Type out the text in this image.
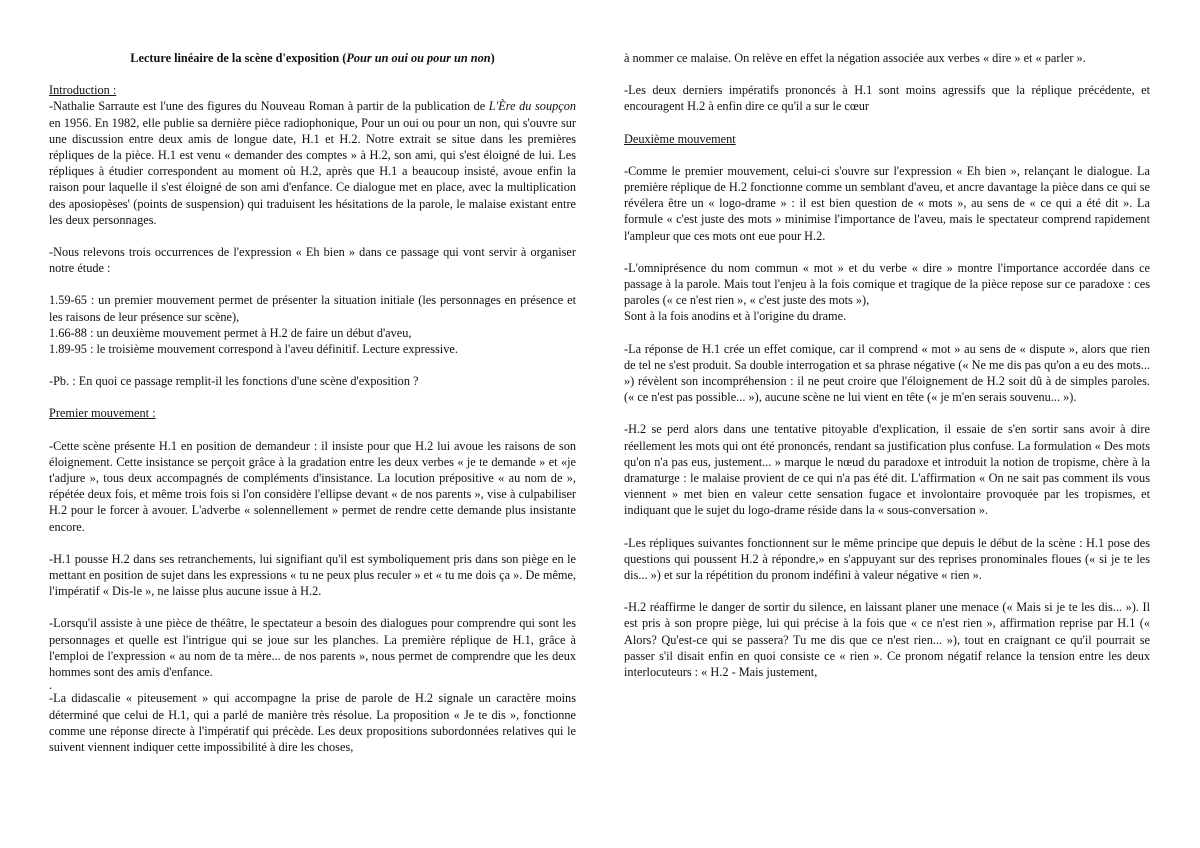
Lecture linéaire de la scène d'exposition (Pour un oui ou pour un non)

Introduction :

-Nathalie Sarraute est l'une des figures du Nouveau Roman à partir de la publication de L'Ère du soupçon en 1956. En 1982, elle publie sa dernière pièce radiophonique, Pour un oui ou pour un non, qui s'ouvre sur une discussion entre deux amis de longue date, H.1 et H.2. Notre extrait se situe dans les premières répliques de la pièce. H.1 est venu « demander des comptes » à H.2, son ami, qui s'est éloigné de lui. Les répliques à étudier correspondent au moment où H.2, après que H.1 a beaucoup insisté, avoue enfin la raison pour laquelle il s'est éloigné de son ami d'enfance. Ce dialogue met en place, avec la multiplication des aposiopèses' (points de suspension) qui traduisent les hésitations de la parole, le malaise existant entre les deux personnages.

-Nous relevons trois occurrences de l'expression « Eh bien » dans ce passage qui vont servir à organiser notre étude :

1.59-65 : un premier mouvement permet de présenter la situation initiale (les personnages en présence et les raisons de leur présence sur scène),

1.66-88 : un deuxième mouvement permet à H.2 de faire un début d'aveu,

1.89-95 : le troisième mouvement correspond à l'aveu définitif. Lecture expressive.

-Pb. : En quoi ce passage remplit-il les fonctions d'une scène d'exposition ?

Premier mouvement :

-Cette scène présente H.1 en position de demandeur : il insiste pour que H.2 lui avoue les raisons de son éloignement. Cette insistance se perçoit grâce à la gradation entre les deux verbes « je te demande » et «je t'adjure », tous deux accompagnés de compléments d'insistance. La locution prépositive « au nom de », répétée deux fois, et même trois fois si l'on considère l'ellipse devant « de nos parents », vise à culpabiliser H.2 pour le forcer à avouer. L'adverbe « solennellement » permet de rendre cette demande plus insistante encore.

-H.1 pousse H.2 dans ses retranchements, lui signifiant qu'il est symboliquement pris dans son piège en le mettant en position de sujet dans les expressions « tu ne peux plus reculer » et « tu me dois ça ». De même, l'impératif « Dis-le », ne laisse plus aucune issue à H.2.

-Lorsqu'il assiste à une pièce de théâtre, le spectateur a besoin des dialogues pour comprendre qui sont les personnages et quelle est l'intrigue qui se joue sur les planches. La première réplique de H.1, grâce à l'emploi de l'expression « au nom de ta mère... de nos parents », nous permet de comprendre que les deux hommes sont des amis d'enfance.

.

-La didascalie « piteusement » qui accompagne la prise de parole de H.2 signale un caractère moins déterminé que celui de H.1, qui a parlé de manière très résolue. La proposition « Je te dis », fonctionne comme une réponse directe à l'impératif qui précède. Les deux propositions subordonnées relatives qui le suivent viennent indiquer cette impossibilité à dire les choses,

à nommer ce malaise. On relève en effet la négation associée aux verbes « dire » et « parler ».

-Les deux derniers impératifs prononcés à H.1 sont moins agressifs que la réplique précédente, et encouragent H.2 à enfin dire ce qu'il a sur le cœur

Deuxième mouvement

-Comme le premier mouvement, celui-ci s'ouvre sur l'expression « Eh bien », relançant le dialogue. La première réplique de H.2 fonctionne comme un semblant d'aveu, et ancre davantage la pièce dans ce qui se révélera être un « logo-drame » : il est bien question de « mots », au sens de « ce qui a été dit ». La formule « c'est juste des mots » minimise l'importance de l'aveu, mais le spectateur comprend rapidement l'ampleur que ces mots ont eue pour H.2.

-L'omniprésence du nom commun « mot » et du verbe « dire » montre l'importance accordée dans ce passage à la parole. Mais tout l'enjeu à la fois comique et tragique de la pièce repose sur ce paradoxe : ces paroles (« ce n'est rien », « c'est juste des mots »),

Sont à la fois anodins et à l'origine du drame.

-La réponse de H.1 crée un effet comique, car il comprend « mot » au sens de « dispute », alors que rien de tel ne s'est produit. Sa double interrogation et sa phrase négative (« Ne me dis pas qu'on a eu des mots... ») révèlent son incompréhension : il ne peut croire que l'éloignement de H.2 soit dû à de simples paroles. (« ce n'est pas possible... »), aucune scène ne lui vient en tête (« je m'en serais souvenu... »).

-H.2 se perd alors dans une tentative pitoyable d'explication, il essaie de s'en sortir sans avoir à dire réellement les mots qui ont été prononcés, rendant sa justification plus confuse. La formulation « Des mots qu'on n'a pas eus, justement... » marque le nœud du paradoxe et introduit la notion de tropisme, chère à la dramaturge : le malaise provient de ce qui n'a pas été dit. L'affirmation « On ne sait pas comment ils vous viennent » met bien en valeur cette sensation fugace et involontaire provoquée par les tropismes, et indiquant que le sujet du logo-drame réside dans la « sous-conversation ».

-Les répliques suivantes fonctionnent sur le même principe que depuis le début de la scène : H.1 pose des questions qui poussent H.2 à répondre,» en s'appuyant sur des reprises pronominales floues (« si je te les dis... ») et sur la répétition du pronom indéfini à valeur négative « rien ».

-H.2 réaffirme le danger de sortir du silence, en laissant planer une menace (« Mais si je te les dis... »). Il est pris à son propre piège, lui qui précise à la fois que « ce n'est rien », affirmation reprise par H.1 (« Alors? Qu'est-ce qui se passera? Tu me dis que ce n'est rien... »), tout en craignant ce qu'il pourrait se passer s'il disait enfin en quoi consiste ce « rien ». Ce pronom négatif relance la tension entre les deux interlocuteurs : « H.2 - Mais justement,
